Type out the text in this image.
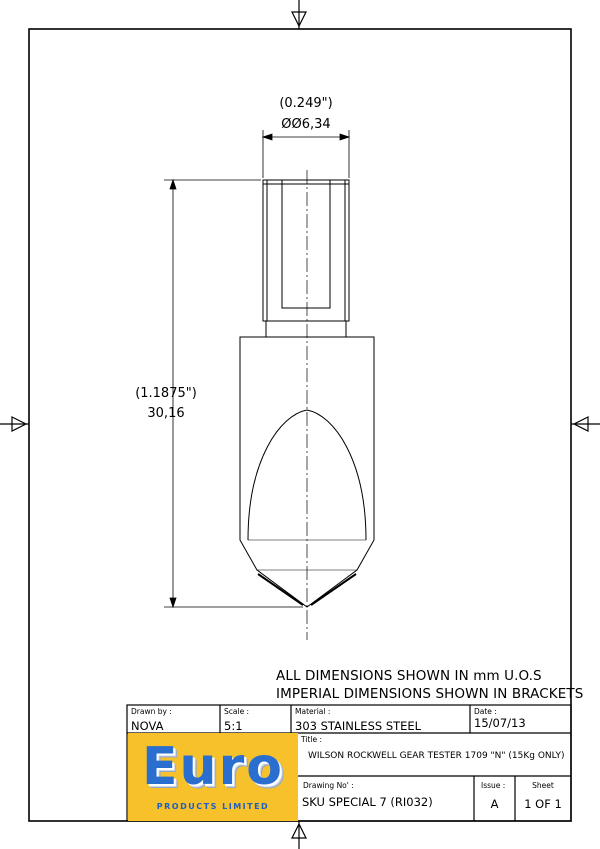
(0.249")
ØØ6,34
(1.1875")
30,16
ALL DIMENSIONS SHOWN IN mm U.O.S
IMPERIAL DIMENSIONS SHOWN IN BRACKETS
Drawn by :
NOVA
Scale :
5:1
Material :
303 STAINLESS STEEL
Date :
15/07/13
Title :
WILSON ROCKWELL GEAR TESTER 1709 "N" (15Kg ONLY)
Drawing No' :
SKU SPECIAL 7 (RI032)
Issue :
A
Sheet
1 OF 1
Euro
PRODUCTS LIMITED
